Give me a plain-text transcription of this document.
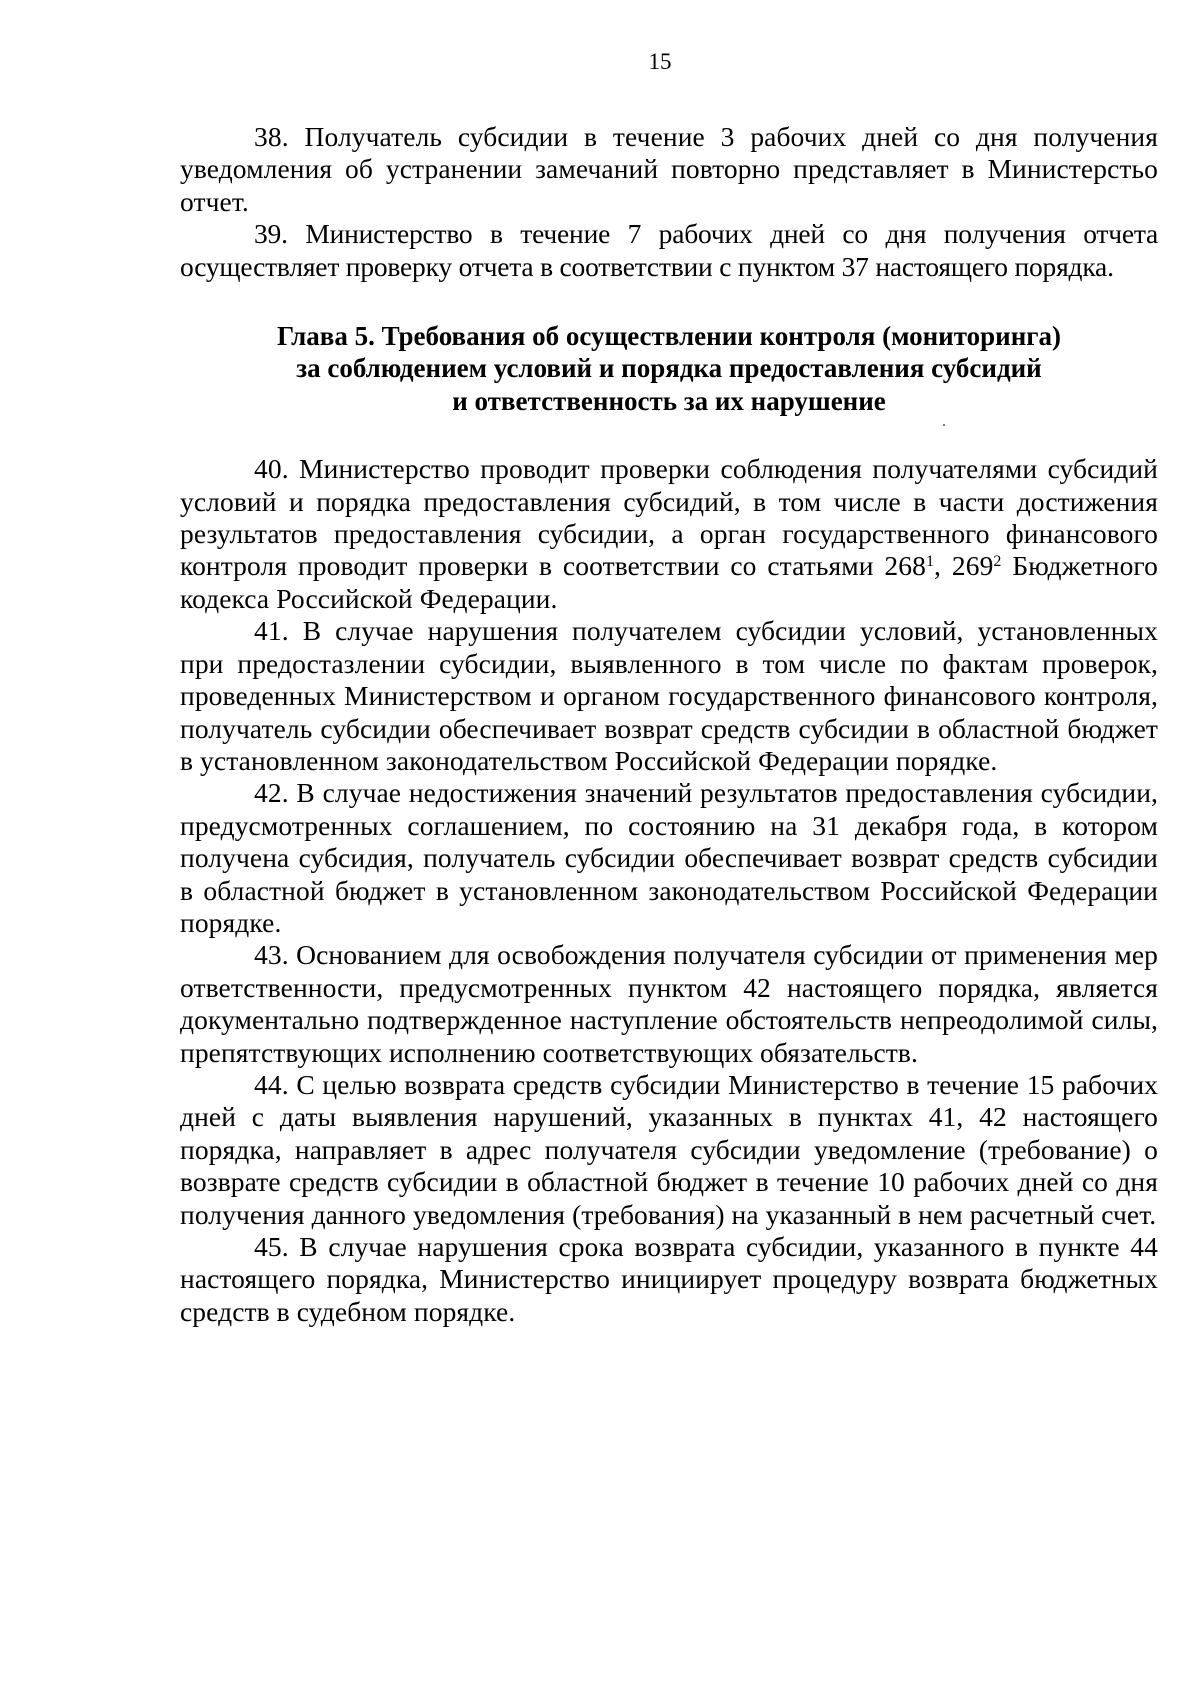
15

38. Получатель субсидии в течение 3 рабочих дней со дня получения уведомления об устранении замечаний повторно представляет в Министерстьо отчет.

39. Министерство в течение 7 рабочих дней со дня получения отчета осуществляет проверку отчета в соответствии с пунктом 37 настоящего порядка.

Глава 5. Требования об осуществлении контроля (мониторинга)
за соблюдением условий и порядка предоставления субсидий
и ответственность за их нарушение

40. Министерство проводит проверки соблюдения получателями субсидий условий и порядка предоставления субсидий, в том числе в части достижения результатов предоставления субсидии, а орган государственного финансового контроля проводит проверки в соответствии со статьями $268^1$, $269^2$ Бюджетного кодекса Российской Федерации.

41. В случае нарушения получателем субсидии условий, установленных при предостазлении субсидии, выявленного в том числе по фактам проверок, проведенных Министерством и органом государственного финансового контроля, получатель субсидии обеспечивает возврат средств субсидии в областной бюджет в установленном законодательством Российской Федерации порядке.

42. В случае недостижения значений результатов предоставления субсидии, предусмотренных соглашением, по состоянию на 31 декабря года, в котором получена субсидия, получатель субсидии обеспечивает возврат средств субсидии в областной бюджет в установленном законодательством Российской Федерации порядке.

43. Основанием для освобождения получателя субсидии от применения мер ответственности, предусмотренных пунктом 42 настоящего порядка, является документально подтвержденное наступление обстоятельств непреодолимой силы, препятствующих исполнению соответствующих обязательств.

44. С целью возврата средств субсидии Министерство в течение 15 рабочих дней с даты выявления нарушений, указанных в пунктах 41, 42 настоящего порядка, направляет в адрес получателя субсидии уведомление (требование) о возврате средств субсидии в областной бюджет в течение 10 рабочих дней со дня получения данного уведомления (требования) на указанный в нем расчетный счет.

45. В случае нарушения срока возврата субсидии, указанного в пункте 44 настоящего порядка, Министерство инициирует процедуру возврата бюджетных средств в судебном порядке.
